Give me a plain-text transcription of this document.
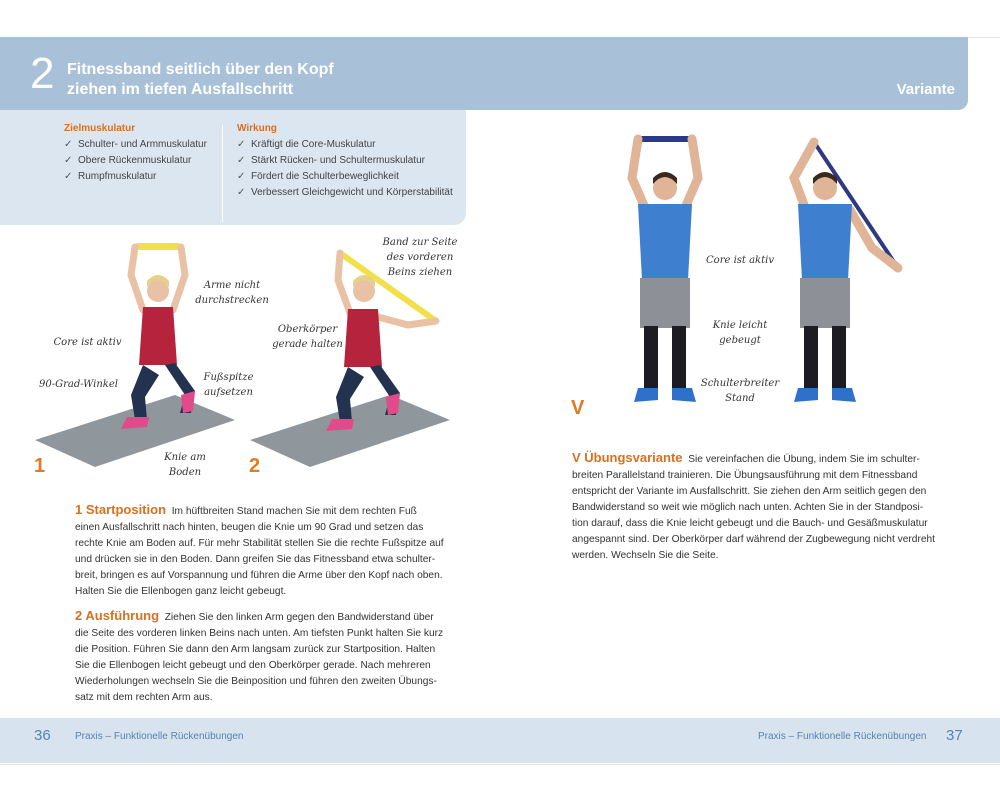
2 Fitnessband seitlich über den Kopf
ziehen im tiefen Ausfallschritt	Variante
Zielmuskulatur
✓ Schulter- und Armmuskulatur
✓ Obere Rückenmuskulatur
✓ Rumpfmuskulatur
Wirkung
✓ Kräftigt die Core-Muskulatur
✓ Stärkt Rücken- und Schultermuskulatur
✓ Fördert die Schulterbeweglichkeit
✓ Verbessert Gleichgewicht und Körperstabilität
1
Arme nicht
durchstrecken
Core ist aktiv
90-Grad-Winkel
Fußspitze
aufsetzen
Knie am
Boden	2
Band zur Seite
des vorderen
Beins ziehen
Oberkörper
gerade halten
V
Core ist aktiv
Knie leicht
gebeugt
Schulterbreiter
Stand
1 Startposition Im hüftbreiten Stand machen Sie mit dem rechten Fuß
einen Ausfallschritt nach hinten, beugen die Knie um 90 Grad und setzen das
rechte Knie am Boden auf. Für mehr Stabilität stellen Sie die rechte Fußspitze auf
und drücken sie in den Boden. Dann greifen Sie das Fitnessband etwa schulter-
breit, bringen es auf Vorspannung und führen die Arme über den Kopf nach oben.
Halten Sie die Ellenbogen ganz leicht gebeugt.
2 Ausführung Ziehen Sie den linken Arm gegen den Bandwiderstand über
die Seite des vorderen linken Beins nach unten. Am tiefsten Punkt halten Sie kurz
die Position. Führen Sie dann den Arm langsam zurück zur Startposition. Halten
Sie die Ellenbogen leicht gebeugt und den Oberkörper gerade. Nach mehreren
Wiederholungen wechseln Sie die Beinposition und führen den zweiten Übungs-
satz mit dem rechten Arm aus.
V Übungsvariante Sie vereinfachen die Übung, indem Sie im schulter-
breiten Parallelstand trainieren. Die Übungsausführung mit dem Fitnessband
entspricht der Variante im Ausfallschritt. Sie ziehen den Arm seitlich gegen den
Bandwiderstand so weit wie möglich nach unten. Achten Sie in der Standposi-
tion darauf, dass die Knie leicht gebeugt und die Bauch- und Gesäßmuskulatur
angespannt sind. Der Oberkörper darf während der Zugbewegung nicht verdreht
werden. Wechseln Sie die Seite.
36 Praxis – Funktionelle Rückenübungen	Praxis – Funktionelle Rückenübungen 37
